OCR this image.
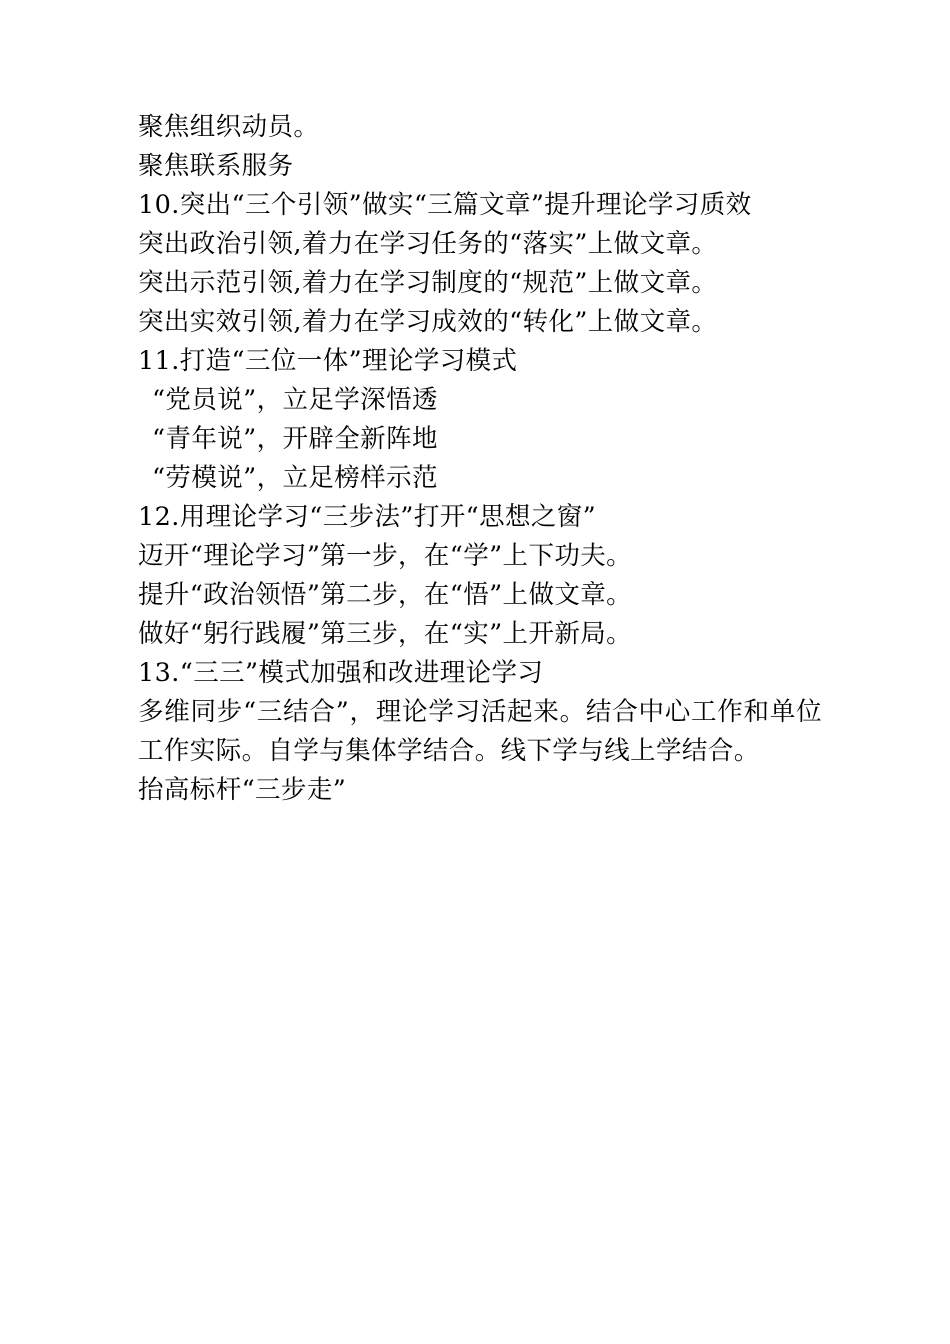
聚焦组织动员。
聚焦联系服务
10.突出“三个引领”做实“三篇文章”提升理论学习质效
突出政治引领,着力在学习任务的“落实”上做文章。
突出示范引领,着力在学习制度的“规范”上做文章。
突出实效引领,着力在学习成效的“转化”上做文章。
11.打造“三位一体”理论学习模式
“党员说”，立足学深悟透
“青年说”，开辟全新阵地
“劳模说”，立足榜样示范
12.用理论学习“三步法”打开“思想之窗”
迈开“理论学习”第一步，在“学”上下功夫。
提升“政治领悟”第二步，在“悟”上做文章。
做好“躬行践履”第三步，在“实”上开新局。
13.“三三”模式加强和改进理论学习
多维同步“三结合”，理论学习活起来。结合中心工作和单位工作实际。自学与集体学结合。线下学与线上学结合。
抬高标杆“三步走”
